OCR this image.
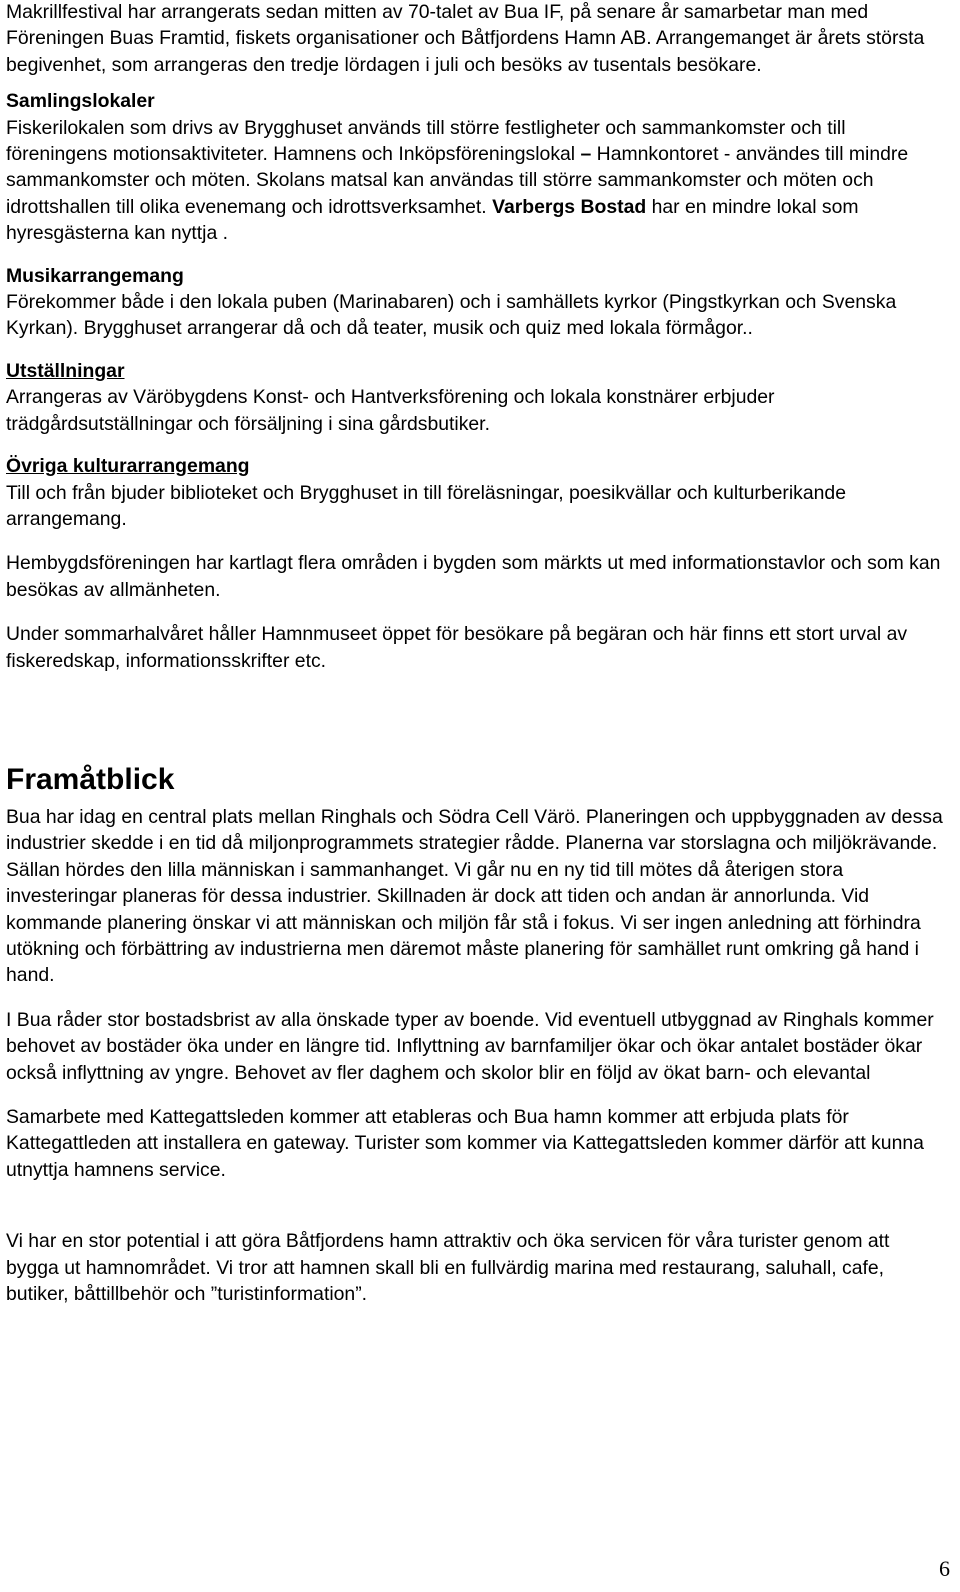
Makrillfestival har arrangerats sedan mitten av 70-talet av Bua IF, på senare år samarbetar man med Föreningen Buas Framtid, fiskets organisationer och Båtfjordens Hamn AB. Arrangemanget är årets största begivenhet, som arrangeras den tredje lördagen i juli och besöks av tusentals besökare.

Samlingslokaler

Fiskerilokalen som drivs av Brygghuset används till större festligheter och sammankomster och till föreningens motionsaktiviteter. Hamnens och Inköpsföreningslokal – Hamnkontoret - användes till mindre sammankomster och möten. Skolans matsal kan användas till större sammankomster och möten och idrottshallen till olika evenemang och idrottsverksamhet. Varbergs Bostad har en mindre lokal som hyresgästerna kan nyttja .

Musikarrangemang

Förekommer både i den lokala puben (Marinabaren) och i samhällets kyrkor (Pingstkyrkan och Svenska Kyrkan). Brygghuset arrangerar då och då teater, musik och quiz med lokala förmågor..

Utställningar

Arrangeras av Väröbygdens Konst- och Hantverksförening och lokala konstnärer erbjuder trädgårdsutställningar och försäljning i sina gårdsbutiker.

Övriga kulturarrangemang

Till och från bjuder biblioteket och Brygghuset in till föreläsningar, poesikvällar och kulturberikande arrangemang.

Hembygdsföreningen har kartlagt flera områden i bygden som märkts ut med informationstavlor och som kan besökas av allmänheten.

Under sommarhalvåret håller Hamnmuseet öppet för besökare på begäran och här finns ett stort urval av fiskeredskap, informationsskrifter etc.

Framåtblick

Bua har idag en central plats mellan Ringhals och Södra Cell Värö. Planeringen och uppbyggnaden av dessa industrier skedde i en tid då miljonprogrammets strategier rådde. Planerna var storslagna och miljökrävande. Sällan hördes den lilla människan i sammanhanget. Vi går nu en ny tid till mötes då återigen stora investeringar planeras för dessa industrier. Skillnaden är dock att tiden och andan är annorlunda. Vid kommande planering önskar vi att människan och miljön får stå i fokus. Vi ser ingen anledning att förhindra utökning och förbättring av industrierna men däremot måste planering för samhället runt omkring gå hand i hand.

I Bua råder stor bostadsbrist av alla önskade typer av boende. Vid eventuell utbyggnad av Ringhals kommer behovet av bostäder öka under en längre tid. Inflyttning av barnfamiljer ökar och ökar antalet bostäder ökar också inflyttning av yngre. Behovet av fler daghem och skolor blir en följd av ökat barn- och elevantal

Samarbete med Kattegattsleden kommer att etableras och Bua hamn kommer att erbjuda plats för Kattegattleden att installera en gateway. Turister som kommer via Kattegattsleden kommer därför att kunna utnyttja hamnens service.

Vi har en stor potential i att göra Båtfjordens hamn attraktiv och öka servicen för våra turister genom att bygga ut hamnområdet. Vi tror att hamnen skall bli en fullvärdig marina med restaurang, saluhall, cafe, butiker, båttillbehör och ”turistinformation”.

6
